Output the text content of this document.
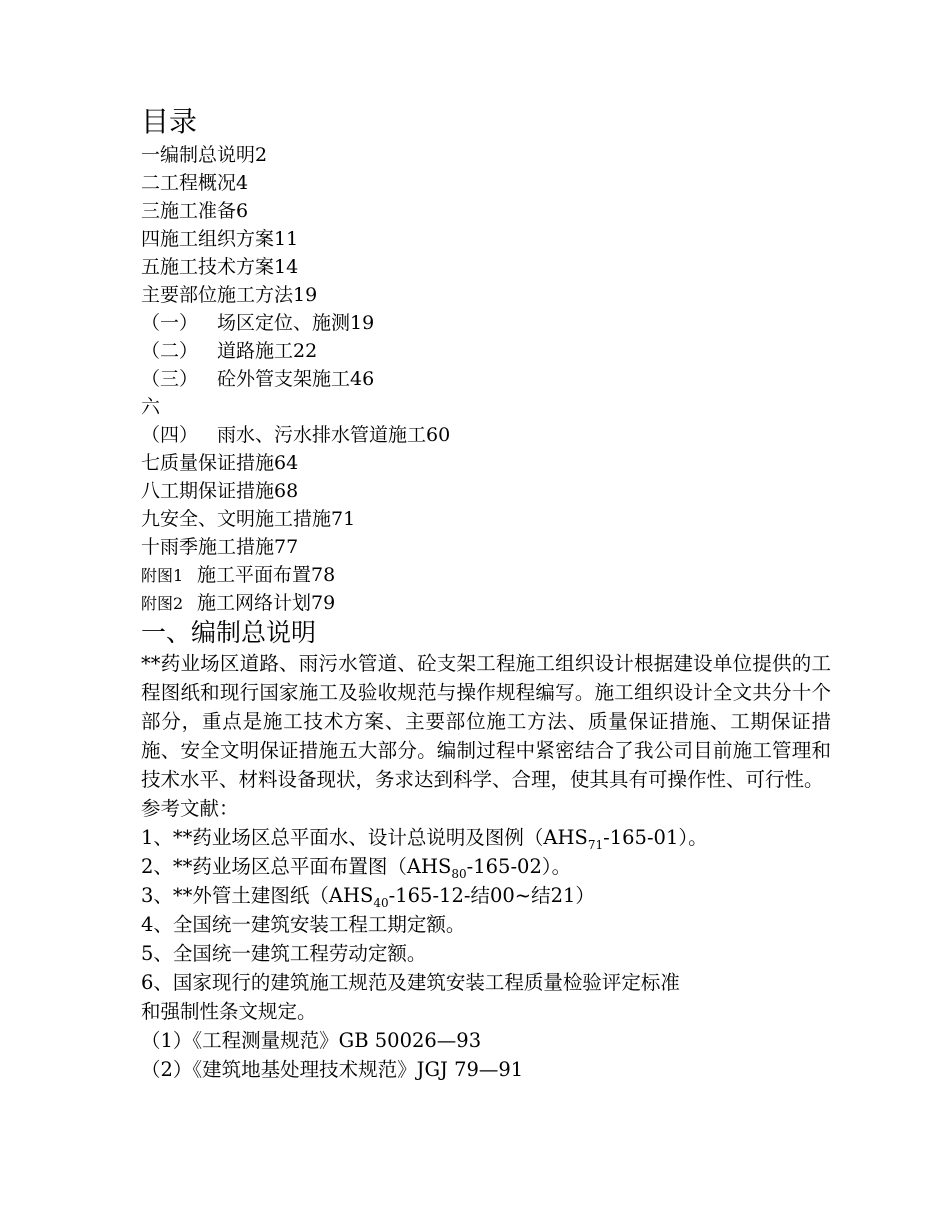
目录
一编制总说明2
二工程概况4
三施工准备6
四施工组织方案11
五施工技术方案14
主要部位施工方法19
（一） 场区定位、施测19
（二） 道路施工22
（三） 砼外管支架施工46
六
（四） 雨水、污水排水管道施工60
七质量保证措施64
八工期保证措施68
九安全、文明施工措施71
十雨季施工措施77
附图1 施工平面布置78
附图2 施工网络计划79
一、编制总说明

**药业场区道路、雨污水管道、砼支架工程施工组织设计根据建设单位提供的工程图纸和现行国家施工及验收规范与操作规程编写。施工组织设计全文共分十个部分，重点是施工技术方案、主要部位施工方法、质量保证措施、工期保证措施、安全文明保证措施五大部分。编制过程中紧密结合了我公司目前施工管理和技术水平、材料设备现状，务求达到科学、合理，使其具有可操作性、可行性。

参考文献：

1、**药业场区总平面水、设计总说明及图例$(AHS_{71}-165-01)$。

2、**药业场区总平面布置图$(AHS_{80}-165-02)$。

3、**外管土建图纸（$AHS_{40}-165-12-$结00~结21）

4、全国统一建筑安装工程工期定额。

5、全国统一建筑工程劳动定额。

6、国家现行的建筑施工规范及建筑安装工程质量检验评定标准

和强制性条文规定。

（1）《工程测量规范》GB 50026—93

（2）《建筑地基处理技术规范》JGJ 79—91
